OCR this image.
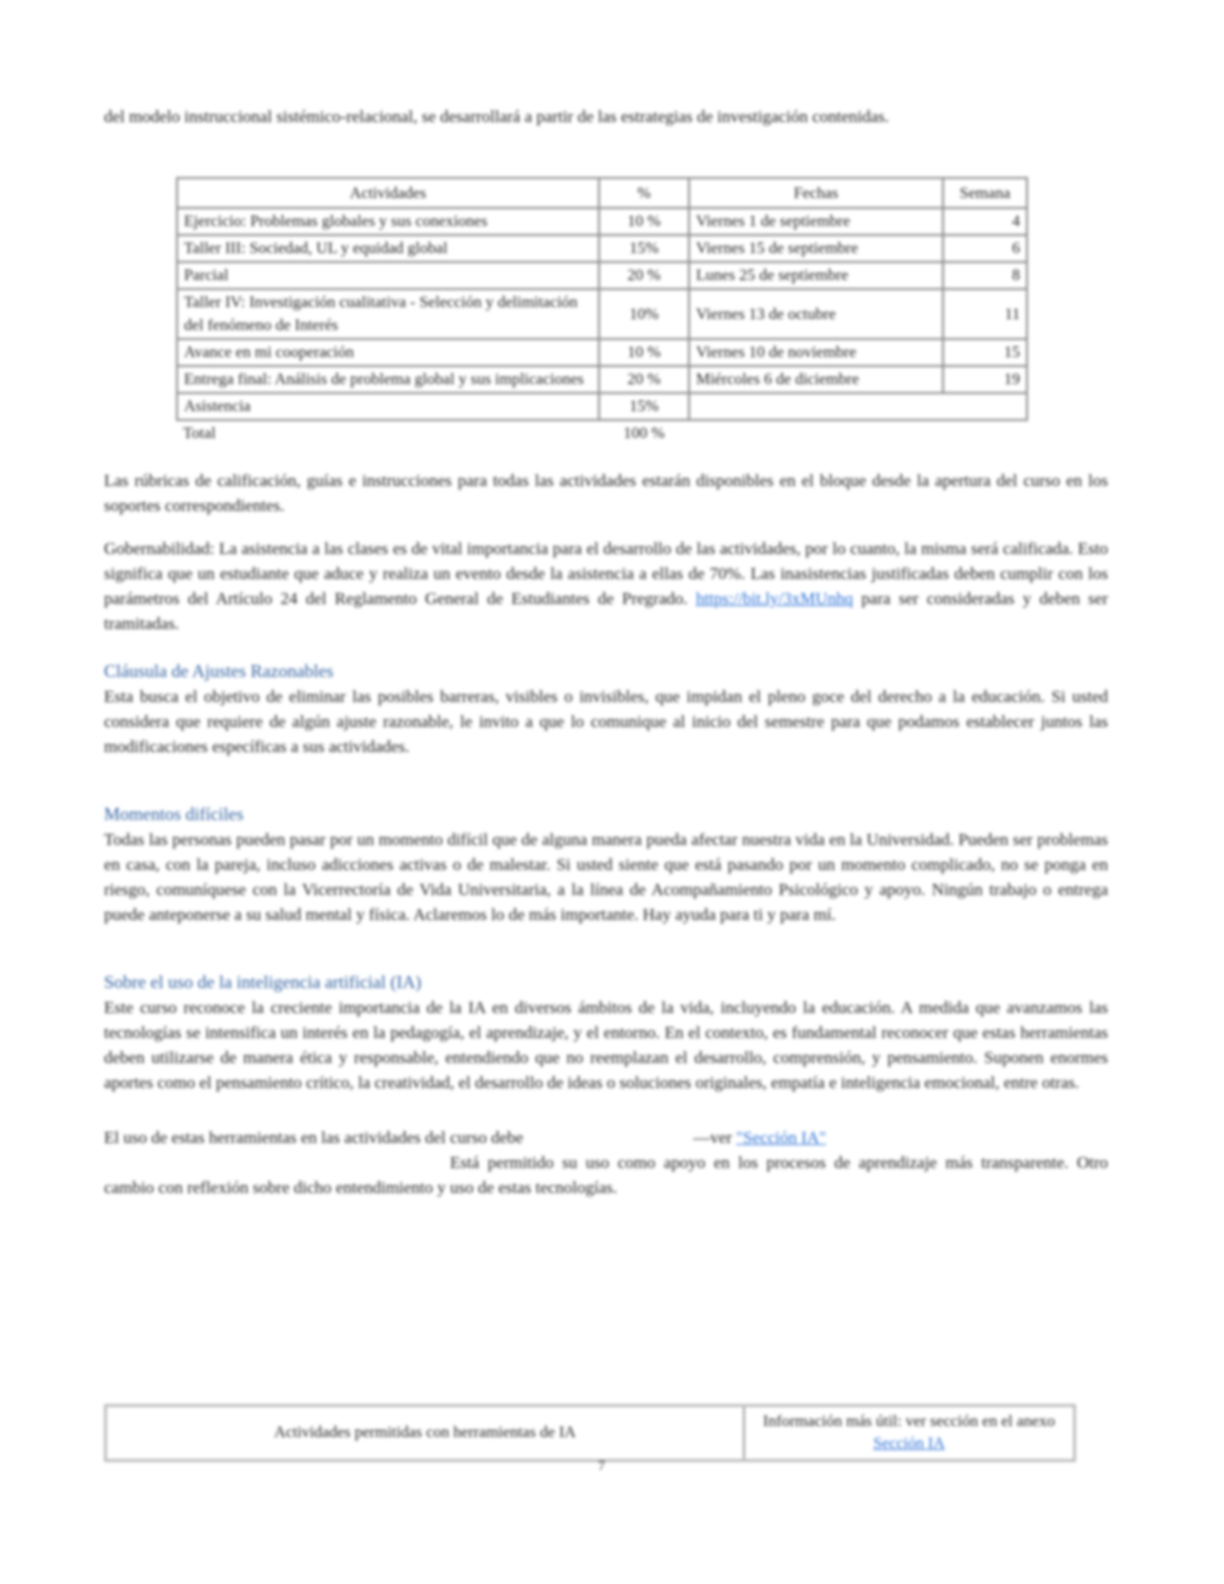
del modelo instruccional sistémico-relacional, se desarrollará a partir de las estrategias de investigación contenidas.

Actividades	%	Fechas	Semana
Ejercicio: Problemas globales y sus conexiones	10 %	Viernes 1 de septiembre	4
Taller III: Sociedad, UL y equidad global	15%	Viernes 15 de septiembre	6
Parcial	20 %	Lunes 25 de septiembre	8
Taller IV: Investigación cualitativa - Selección y delimitación del fenómeno de Interés	10%	Viernes 13 de octubre	11
Avance en mi cooperación	10 %	Viernes 10 de noviembre	15
Entrega final: Análisis de problema global y sus implicaciones	20 %	Miércoles 6 de diciembre	19
Asistencia	15%		
Total	100 %		

Las rúbricas de calificación, guías e instrucciones para todas las actividades estarán disponibles en el bloque desde la apertura del curso en los soportes correspondientes.

Gobernabilidad: La asistencia a las clases es de vital importancia para el desarrollo de las actividades, por lo cuanto, la misma será calificada. Esto significa que un estudiante que aduce y realiza un evento desde la asistencia a ellas de 70%. Las inasistencias justificadas deben cumplir con los parámetros del Artículo 24 del Reglamento General de Estudiantes de Pregrado. https://bit.ly/3xMUnhq para ser consideradas y deben ser tramitadas.

Cláusula de Ajustes Razonables

Esta busca el objetivo de eliminar las posibles barreras, visibles o invisibles, que impidan el pleno goce del derecho a la educación. Si usted considera que requiere de algún ajuste razonable, le invito a que lo comunique al inicio del semestre para que podamos establecer juntos las modificaciones específicas a sus actividades.

Momentos difíciles

Todas las personas pueden pasar por un momento difícil que de alguna manera pueda afectar nuestra vida en la Universidad. Pueden ser problemas en casa, con la pareja, incluso adicciones activas o de malestar. Si usted siente que está pasando por un momento complicado, no se ponga en riesgo, comuníquese con la Vicerrectoría de Vida Universitaria, a la línea de Acompañamiento Psicológico y apoyo. Ningún trabajo o entrega puede anteponerse a su salud mental y física. Aclaremos lo de más importante. Hay ayuda para ti y para mí.

Sobre el uso de la inteligencia artificial (IA)

Este curso reconoce la creciente importancia de la IA en diversos ámbitos de la vida, incluyendo la educación. A medida que avanzamos las tecnologías se intensifica un interés en la pedagogía, el aprendizaje, y el entorno. En el contexto, es fundamental reconocer que estas herramientas deben utilizarse de manera ética y responsable, entendiendo que no reemplazan el desarrollo, comprensión, y pensamiento. Suponen enormes aportes como el pensamiento crítico, la creatividad, el desarrollo de ideas o soluciones originales, empatía e inteligencia emocional, entre otras.

El uso de estas herramientas en las actividades del curso debe	—ver "Sección IA"
Está permitido su uso como apoyo en los procesos de aprendizaje más transparente. Otro cambio con reflexión sobre dicho entendimiento y uso de estas tecnologías.

Actividades permitidas con herramientas de IA	Información más útil: ver sección en el anexo Sección IA
7
